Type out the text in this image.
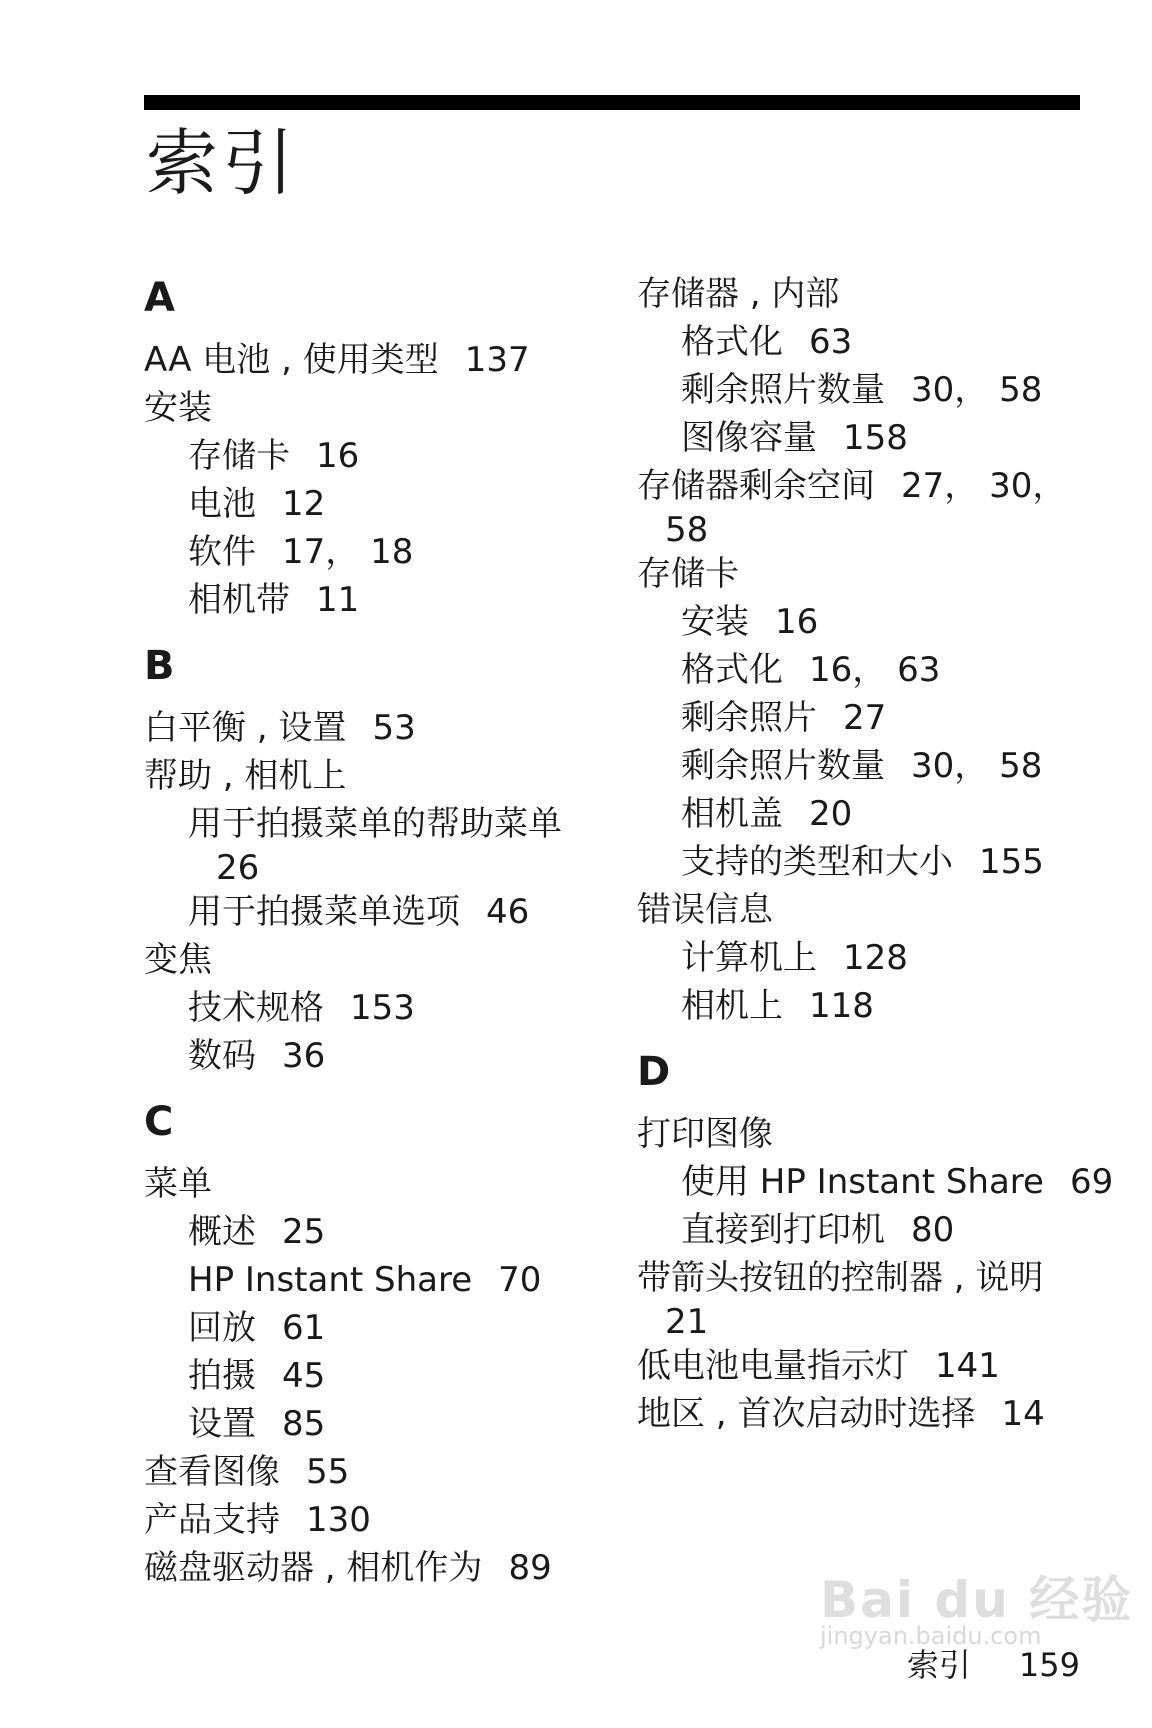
索引
A
AA 电池 , 使用类型 137
安装
存储卡 16
电池 12
软件 17， 18
相机带 11
B
白平衡 , 设置 53
帮助 , 相机上
用于拍摄菜单的帮助菜单
26
用于拍摄菜单选项 46
变焦
技术规格 153
数码 36
C
菜单
概述 25
HP Instant Share 70
回放 61
拍摄 45
设置 85
查看图像 55
产品支持 130
磁盘驱动器 , 相机作为 89
存储器 , 内部
格式化 63
剩余照片数量 30， 58
图像容量 158
存储器剩余空间 27， 30，
58
存储卡
安装 16
格式化 16， 63
剩余照片 27
剩余照片数量 30， 58
相机盖 20
支持的类型和大小 155
错误信息
计算机上 128
相机上 118
D
打印图像
使用 HP Instant Share 69
直接到打印机 80
带箭头按钮的控制器 , 说明
21
低电池电量指示灯 141
地区 , 首次启动时选择 14
Bai du 经验
jingyan.baidu.com
索引 159
